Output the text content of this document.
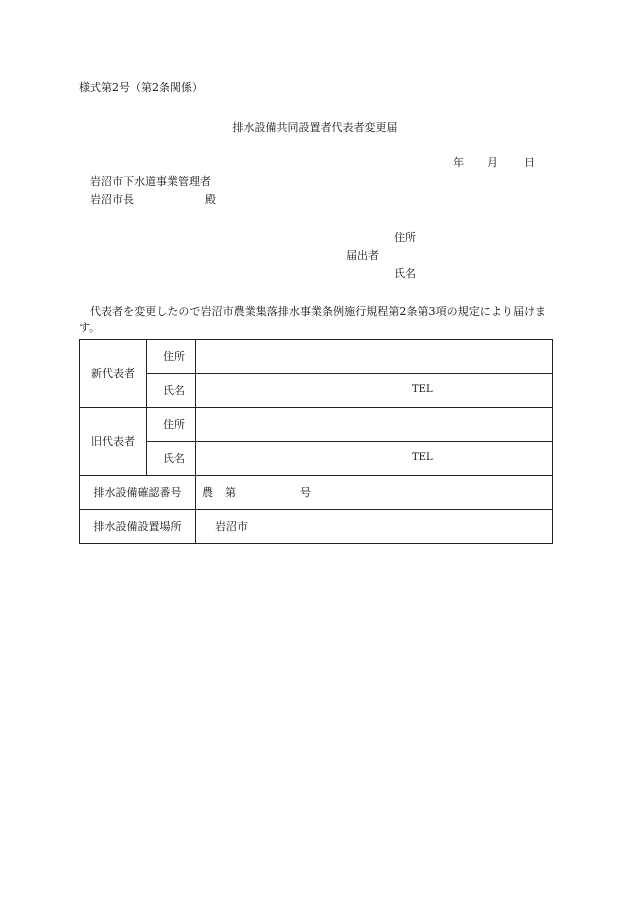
様式第2号（第2条関係）
排水設備共同設置者代表者変更届
年 月 日
岩沼市下水道事業管理者
岩沼市長	殿
住所
届出者
氏名
代表者を変更したので岩沼市農業集落排水事業条例施行規程第2条第3項の規定により届けます。
新代表者	住所	
	氏名	TEL

旧代表者	住所	
	氏名	TEL

排水設備確認番号		農 第 号
排水設備設置場所		岩沼市
